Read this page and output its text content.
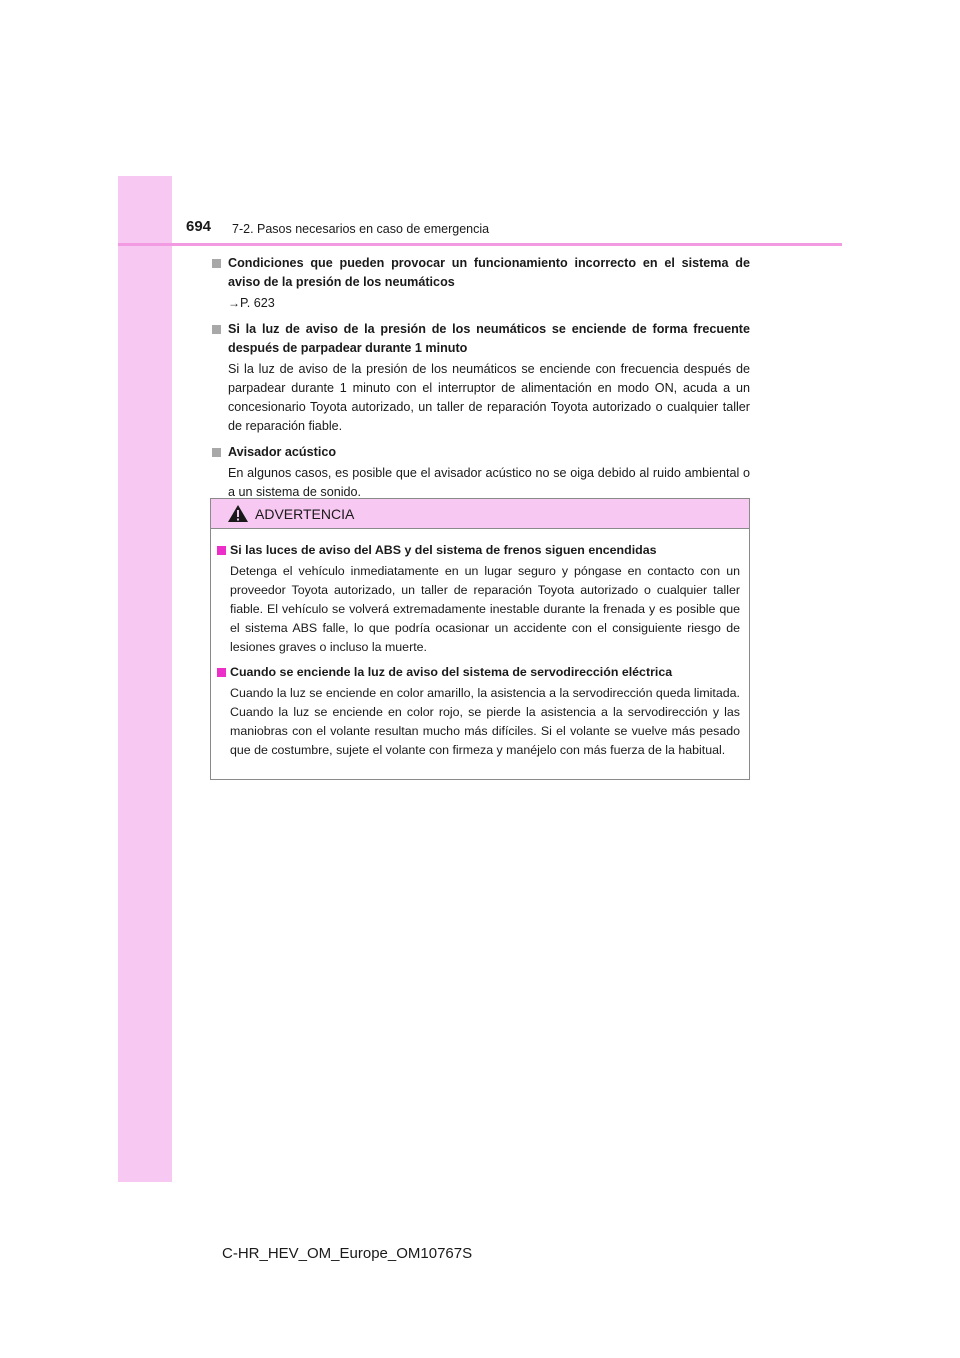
694 7-2. Pasos necesarios en caso de emergencia
Condiciones que pueden provocar un funcionamiento incorrecto en el sistema de aviso de la presión de los neumáticos
→P. 623
Si la luz de aviso de la presión de los neumáticos se enciende de forma frecuente después de parpadear durante 1 minuto
Si la luz de aviso de la presión de los neumáticos se enciende con frecuencia después de parpadear durante 1 minuto con el interruptor de alimentación en modo ON, acuda a un concesionario Toyota autorizado, un taller de reparación Toyota autorizado o cualquier taller de reparación fiable.
Avisador acústico
En algunos casos, es posible que el avisador acústico no se oiga debido al ruido ambiental o a un sistema de sonido.
ADVERTENCIA
Si las luces de aviso del ABS y del sistema de frenos siguen encendidas
Detenga el vehículo inmediatamente en un lugar seguro y póngase en contacto con un proveedor Toyota autorizado, un taller de reparación Toyota autorizado o cualquier taller fiable. El vehículo se volverá extremadamente inestable durante la frenada y es posible que el sistema ABS falle, lo que podría ocasionar un accidente con el consiguiente riesgo de lesiones graves o incluso la muerte.
Cuando se enciende la luz de aviso del sistema de servodirección eléctrica
Cuando la luz se enciende en color amarillo, la asistencia a la servodirección queda limitada. Cuando la luz se enciende en color rojo, se pierde la asistencia a la servodirección y las maniobras con el volante resultan mucho más difíciles. Si el volante se vuelve más pesado que de costumbre, sujete el volante con firmeza y manéjelo con más fuerza de la habitual.
C-HR_HEV_OM_Europe_OM10767S
